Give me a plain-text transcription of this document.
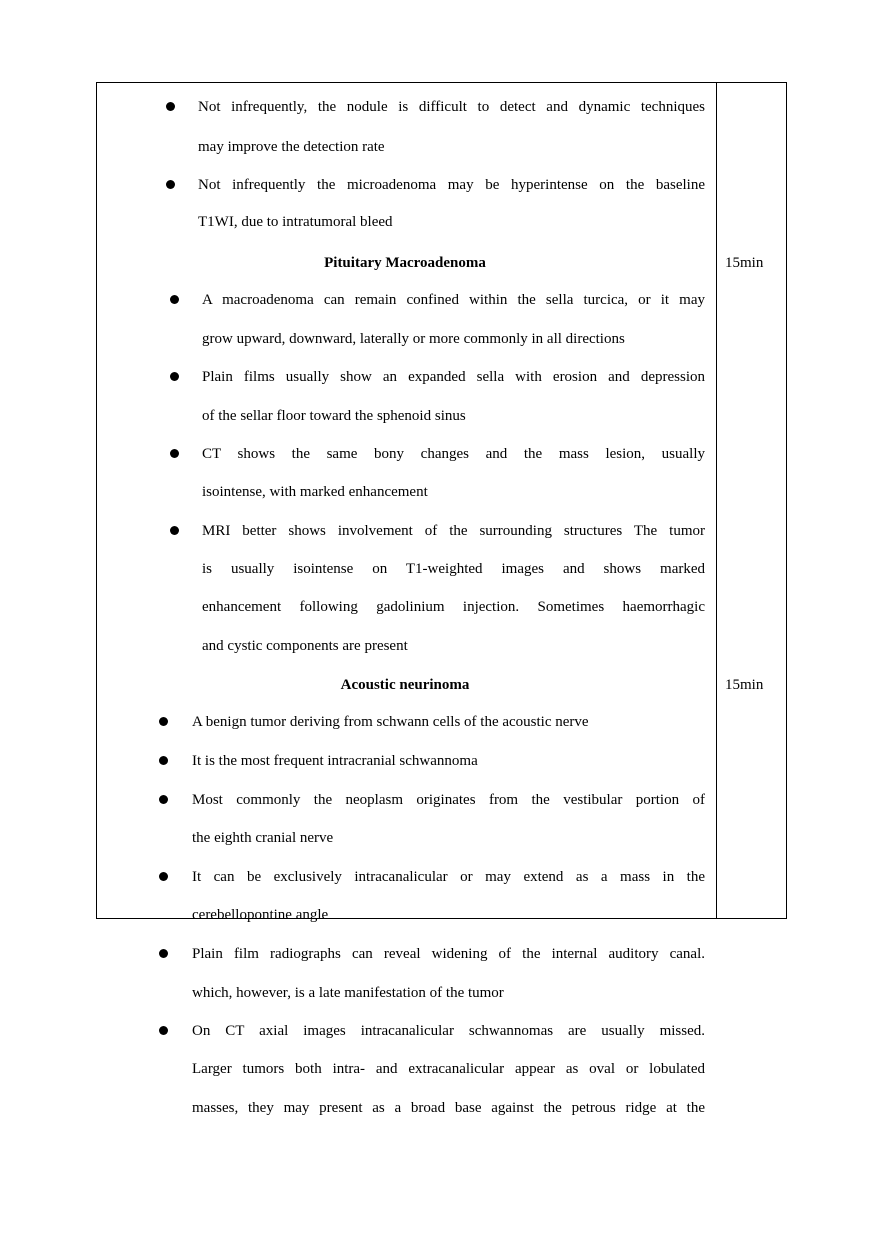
Not infrequently, the nodule is difficult to detect and dynamic techniques
may improve the detection rate
Not infrequently the microadenoma may be hyperintense on the baseline
T1WI, due to intratumoral bleed
Pituitary Macroadenoma	15min
A macroadenoma can remain confined within the sella turcica, or it may
grow upward, downward, laterally or more commonly in all directions
Plain films usually show an expanded sella with erosion and depression
of the sellar floor toward the sphenoid sinus
CT shows the same bony changes and the mass lesion, usually
isointense, with marked enhancement
MRI better shows involvement of the surrounding structures The tumor
is usually isointense on T1-weighted images and shows marked
enhancement following gadolinium injection. Sometimes haemorrhagic
and cystic components are present
Acoustic neurinoma	15min
A benign tumor deriving from schwann cells of the acoustic nerve
It is the most frequent intracranial schwannoma
Most commonly the neoplasm originates from the vestibular portion of
the eighth cranial nerve
It can be exclusively intracanalicular or may extend as a mass in the
cerebellopontine angle
Plain film radiographs can reveal widening of the internal auditory canal.
which, however, is a late manifestation of the tumor
On CT axial images intracanalicular schwannomas are usually missed.
Larger tumors both intra- and extracanalicular appear as oval or lobulated
masses, they may present as a broad base against the petrous ridge at the
